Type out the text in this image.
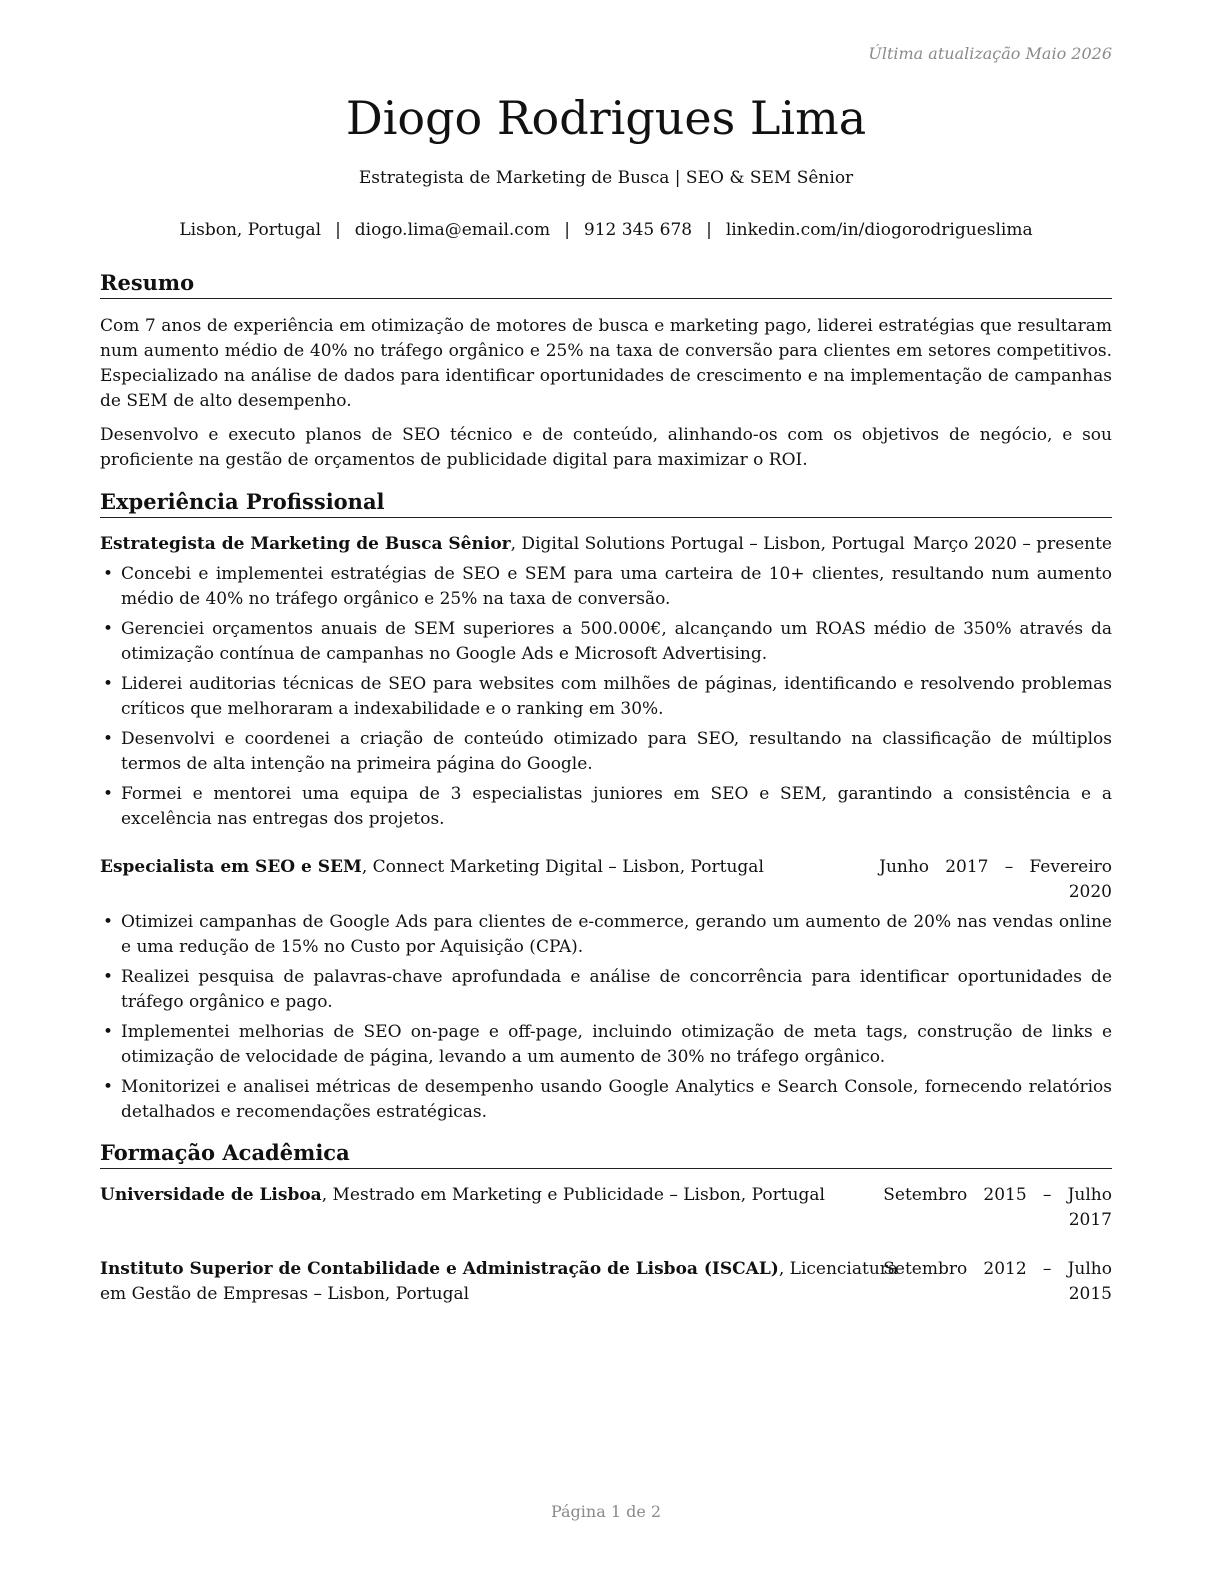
Última atualização Maio 2026
Diogo Rodrigues Lima
Estrategista de Marketing de Busca | SEO & SEM Sênior
Lisbon, Portugal | diogo.lima@email.com | 912 345 678 | linkedin.com/in/diogorodrigueslima
Resumo
Com 7 anos de experiência em otimização de motores de busca e marketing pago, liderei estratégias que resultaram num aumento médio de 40% no tráfego orgânico e 25% na taxa de conversão para clientes em setores competitivos. Especializado na análise de dados para identificar oportunidades de crescimento e na implementação de campanhas de SEM de alto desempenho.
Desenvolvo e executo planos de SEO técnico e de conteúdo, alinhando-os com os objetivos de negócio, e sou proficiente na gestão de orçamentos de publicidade digital para maximizar o ROI.
Experiência Profissional
Estrategista de Marketing de Busca Sênior, Digital Solutions Portugal – Lisbon, Portugal Março 2020 – presente
• Concebi e implementei estratégias de SEO e SEM para uma carteira de 10+ clientes, resultando num aumento médio de 40% no tráfego orgânico e 25% na taxa de conversão.
• Gerenciei orçamentos anuais de SEM superiores a 500.000€, alcançando um ROAS médio de 350% através da otimização contínua de campanhas no Google Ads e Microsoft Advertising.
• Liderei auditorias técnicas de SEO para websites com milhões de páginas, identificando e resolvendo problemas críticos que melhoraram a indexabilidade e o ranking em 30%.
• Desenvolvi e coordenei a criação de conteúdo otimizado para SEO, resultando na classificação de múltiplos termos de alta intenção na primeira página do Google.
• Formei e mentorei uma equipa de 3 especialistas juniores em SEO e SEM, garantindo a consistência e a excelência nas entregas dos projetos.
Especialista em SEO e SEM, Connect Marketing Digital – Lisbon, Portugal	Junho   2017   –   Fevereiro
2020
• Otimizei campanhas de Google Ads para clientes de e-commerce, gerando um aumento de 20% nas vendas online e uma redução de 15% no Custo por Aquisição (CPA).
• Realizei pesquisa de palavras-chave aprofundada e análise de concorrência para identificar oportunidades de tráfego orgânico e pago.
• Implementei melhorias de SEO on-page e off-page, incluindo otimização de meta tags, construção de links e otimização de velocidade de página, levando a um aumento de 30% no tráfego orgânico.
• Monitorizei e analisei métricas de desempenho usando Google Analytics e Search Console, fornecendo relatórios detalhados e recomendações estratégicas.
Formação Acadêmica
Universidade de Lisboa, Mestrado em Marketing e Publicidade – Lisbon, Portugal	Setembro   2015   –   Julho
2017
Instituto Superior de Contabilidade e Administração de Lisboa (ISCAL), Licenciatura
em Gestão de Empresas – Lisbon, Portugal
Setembro   2012   –   Julho
2015
Página 1 de 2
